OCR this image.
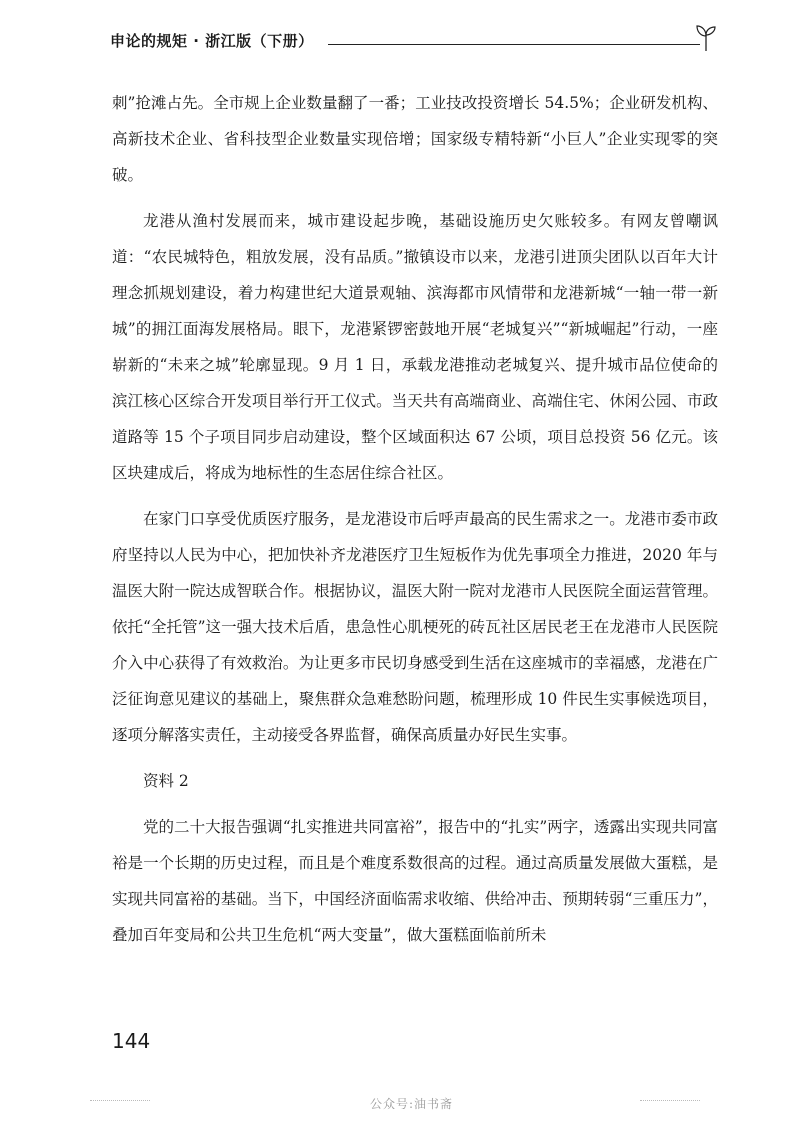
申论的规矩 · 浙江版（下册）

刺”抢滩占先。全市规上企业数量翻了一番；工业技改投资增长 54.5%；企业研发机构、高新技术企业、省科技型企业数量实现倍增；国家级专精特新“小巨人”企业实现零的突破。

龙港从渔村发展而来，城市建设起步晚，基础设施历史欠账较多。有网友曾嘲讽道：“农民城特色，粗放发展，没有品质。”撤镇设市以来，龙港引进顶尖团队以百年大计理念抓规划建设，着力构建世纪大道景观轴、滨海都市风情带和龙港新城“一轴一带一新城”的拥江面海发展格局。眼下，龙港紧锣密鼓地开展“老城复兴”“新城崛起”行动，一座崭新的“未来之城”轮廓显现。9 月 1 日，承载龙港推动老城复兴、提升城市品位使命的滨江核心区综合开发项目举行开工仪式。当天共有高端商业、高端住宅、休闲公园、市政道路等 15 个子项目同步启动建设，整个区域面积达 67 公顷，项目总投资 56 亿元。该区块建成后，将成为地标性的生态居住综合社区。

在家门口享受优质医疗服务，是龙港设市后呼声最高的民生需求之一。龙港市委市政府坚持以人民为中心，把加快补齐龙港医疗卫生短板作为优先事项全力推进，2020 年与温医大附一院达成智联合作。根据协议，温医大附一院对龙港市人民医院全面运营管理。依托“全托管”这一强大技术后盾，患急性心肌梗死的砖瓦社区居民老王在龙港市人民医院介入中心获得了有效救治。为让更多市民切身感受到生活在这座城市的幸福感，龙港在广泛征询意见建议的基础上，聚焦群众急难愁盼问题，梳理形成 10 件民生实事候选项目，逐项分解落实责任，主动接受各界监督，确保高质量办好民生实事。

资料 2

党的二十大报告强调“扎实推进共同富裕”，报告中的“扎实”两字，透露出实现共同富裕是一个长期的历史过程，而且是个难度系数很高的过程。通过高质量发展做大蛋糕，是实现共同富裕的基础。当下，中国经济面临需求收缩、供给冲击、预期转弱“三重压力”，叠加百年变局和公共卫生危机“两大变量”，做大蛋糕面临前所未

144
公众号:油书斋
